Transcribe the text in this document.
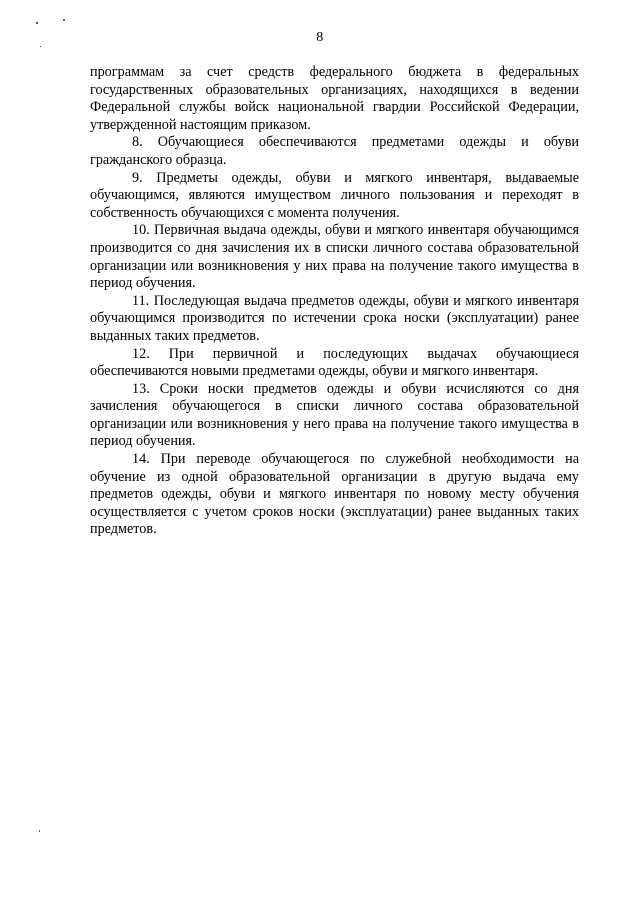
8

программам за счет средств федерального бюджета в федеральных государственных образовательных организациях, находящихся в ведении Федеральной службы войск национальной гвардии Российской Федерации, утвержденной настоящим приказом.

8. Обучающиеся обеспечиваются предметами одежды и обуви гражданского образца.

9. Предметы одежды, обуви и мягкого инвентаря, выдаваемые обучающимся, являются имуществом личного пользования и переходят в собственность обучающихся с момента получения.

10. Первичная выдача одежды, обуви и мягкого инвентаря обучающимся производится со дня зачисления их в списки личного состава образовательной организации или возникновения у них права на получение такого имущества в период обучения.

11. Последующая выдача предметов одежды, обуви и мягкого инвентаря обучающимся производится по истечении срока носки (эксплуатации) ранее выданных таких предметов.

12. При первичной и последующих выдачах обучающиеся обеспечиваются новыми предметами одежды, обуви и мягкого инвентаря.

13. Сроки носки предметов одежды и обуви исчисляются со дня зачисления обучающегося в списки личного состава образовательной организации или возникновения у него права на получение такого имущества в период обучения.

14. При переводе обучающегося по служебной необходимости на обучение из одной образовательной организации в другую выдача ему предметов одежды, обуви и мягкого инвентаря по новому месту обучения осуществляется с учетом сроков носки (эксплуатации) ранее выданных таких предметов.
